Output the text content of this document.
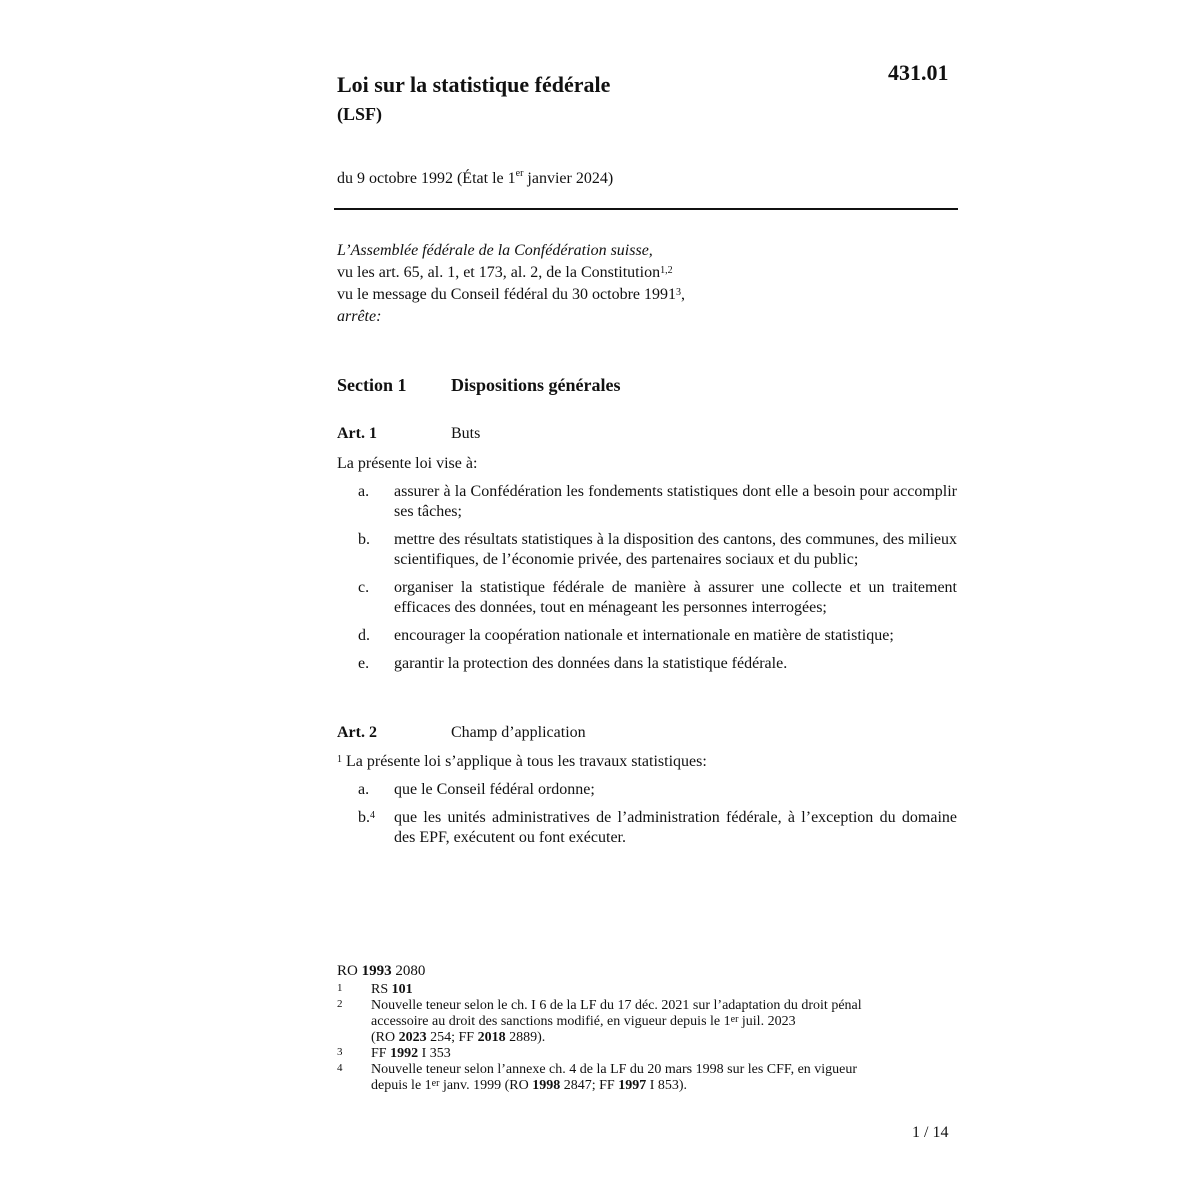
431.01
Loi sur la statistique fédérale
(LSF)
du 9 octobre 1992 (État le 1er janvier 2024)
L’Assemblée fédérale de la Confédération suisse,
vu les art. 65, al. 1, et 173, al. 2, de la Constitution$^{1,2}$
vu le message du Conseil fédéral du 30 octobre 1991$^3$,
arrête:
Section 1 Dispositions générales
Art. 1	Buts
La présente loi vise à:
a. assurer à la Confédération les fondements statistiques dont elle a besoin pour accomplir ses tâches;
b. mettre des résultats statistiques à la disposition des cantons, des communes, des milieux scientifiques, de l’économie privée, des partenaires sociaux et du public;
c. organiser la statistique fédérale de manière à assurer une collecte et un traitement efficaces des données, tout en ménageant les personnes interrogées;
d. encourager la coopération nationale et internationale en matière de statistique;
e. garantir la protection des données dans la statistique fédérale.
Art. 2	Champ d’application
$^1$ La présente loi s’applique à tous les travaux statistiques:
a. que le Conseil fédéral ordonne;
b.$^4$ que les unités administratives de l’administration fédérale, à l’exception du domaine des EPF, exécutent ou font exécuter.
RO 1993 2080
1 RS 101
2 Nouvelle teneur selon le ch. I 6 de la LF du 17 déc. 2021 sur l’adaptation du droit pénal
accessoire au droit des sanctions modifié, en vigueur depuis le 1er juil. 2023
(RO 2023 254; FF 2018 2889).
3 FF 1992 I 353
4 Nouvelle teneur selon l’annexe ch. 4 de la LF du 20 mars 1998 sur les CFF, en vigueur
depuis le 1er janv. 1999 (RO 1998 2847; FF 1997 I 853).
1 / 14
